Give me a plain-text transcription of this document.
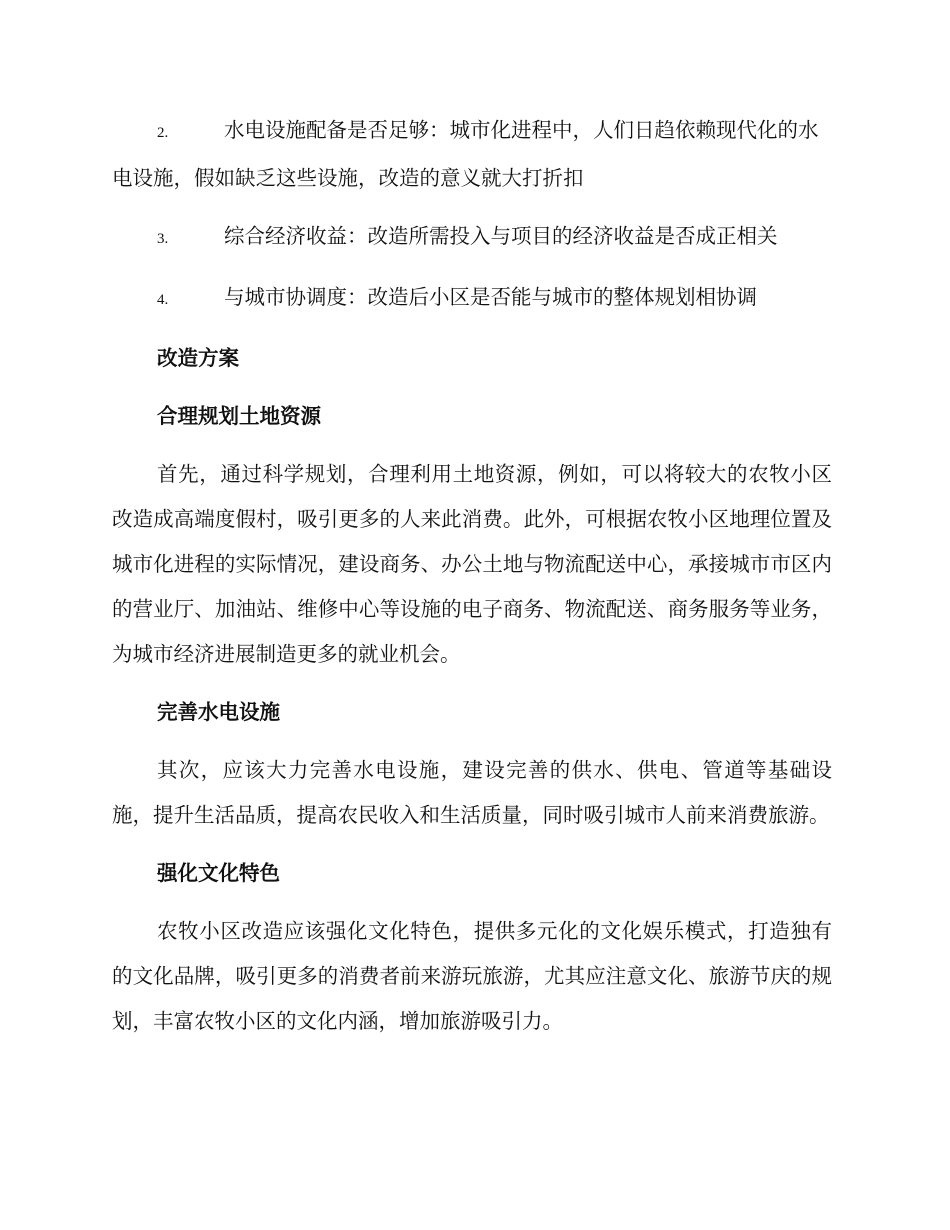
2.	水电设施配备是否足够：城市化进程中，人们日趋依赖现代化的水电设施，假如缺乏这些设施，改造的意义就大打折扣

3.	综合经济收益：改造所需投入与项目的经济收益是否成正相关

4.	与城市协调度：改造后小区是否能与城市的整体规划相协调

改造方案
合理规划土地资源

首先，通过科学规划，合理利用土地资源，例如，可以将较大的农牧小区改造成高端度假村，吸引更多的人来此消费。此外，可根据农牧小区地理位置及城市化进程的实际情况，建设商务、办公土地与物流配送中心，承接城市市区内的营业厅、加油站、维修中心等设施的电子商务、物流配送、商务服务等业务，为城市经济进展制造更多的就业机会。

完善水电设施

其次，应该大力完善水电设施，建设完善的供水、供电、管道等基础设施，提升生活品质，提高农民收入和生活质量，同时吸引城市人前来消费旅游。

强化文化特色

农牧小区改造应该强化文化特色，提供多元化的文化娱乐模式，打造独有的文化品牌，吸引更多的消费者前来游玩旅游，尤其应注意文化、旅游节庆的规划，丰富农牧小区的文化内涵，增加旅游吸引力。
